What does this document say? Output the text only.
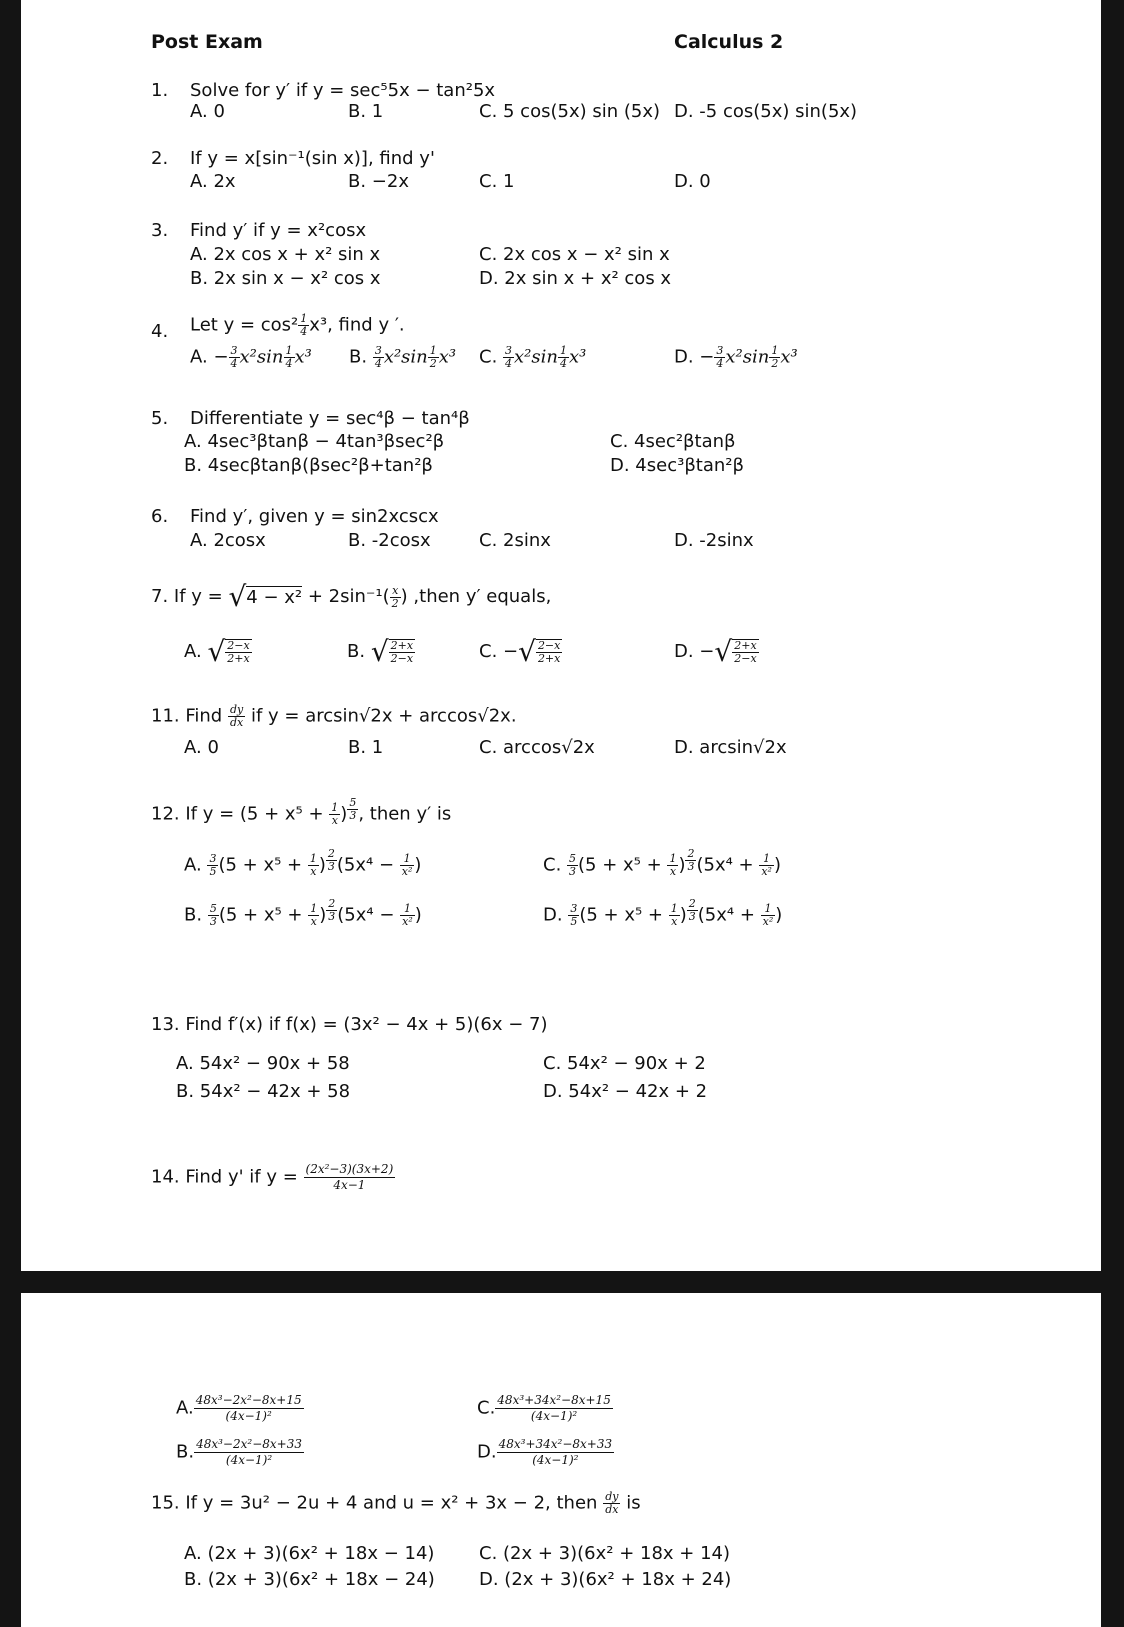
Post Exam	Calculus 2
1. Solve for y′ if y = sec⁵5x − tan²5x
A. 0	B. 1	C. 5 cos(5x) sin (5x) D. -5 cos(5x) sin(5x)
2. If y = x[sin⁻¹(sin x)], find y'
A. 2x	B. −2x	C. 1	D. 0
3. Find y′ if y = x²cosx
A. 2x cos x + x² sin x	C. 2x cos x − x² sin x
B. 2x sin x − x² cos x	D. 2x sin x + x² cos x
4. Let $y = \cos^2 \frac{1}{4} x^3$, find y ′.
A. − $\frac{3}{4} x^2\sin \frac{1}{4} x^3$ B. $\frac{3}{4} x^2\sin \frac{1}{2} x^3$ C. $\frac{3}{4} x^2\sin \frac{1}{4} x^3$	D. − $\frac{3}{4} x^2\sin \frac{1}{2} x^3$
5. Differentiate y = sec⁴β − tan⁴β
A. 4sec³βtanβ − 4tan³βsec²β
B. 4secβtanβ(βsec²β+tan²β
C. 4sec²βtanβ
D. 4sec³βtan²β
6. Find y′, given y = sin2xcscx
A. 2cosx	B. -2cosx	C. 2sinx	D. -2sinx
7. If $y = √4 - x^2 + 2\sin^{-1}( \frac{x}{2}$ ) ,then y′ equals,
A. √ $\frac{2-x}{2+x}$	B. √ $\frac{2+x}{2-x}$	C. −√ $\frac{2-x}{2+x}$	D. −√ $\frac{2+x}{2-x}$
11. Find $\frac{dy}{dx}$ if y = arcsin√2x + arccos√2x.
A. 0	B. 1	C. arccos√2x	D. arcsin√2x
12. If $y = (5 + x^5 + \frac{1}{x}$ ) $^{\frac{5}{3}}$ , then y′ is
A. $\frac{3}{5} (5 + x^5 + \frac{1}{x}$ ) $^{\frac{2}{3}}$ ($5x^4 - \frac{1}{\text{x²}}$ )
B. $\frac{5}{3} (5 + x^5 + \frac{1}{x}$ ) $^{\frac{2}{3}}$ ($5x^4 - \frac{1}{\text{x²}}$ )
C. $\frac{5}{3} (5 + x^5 + \frac{1}{x}$ ) $^{\frac{2}{3}}$ ($5x^4 + \frac{1}{\text{x²}}$ )
D. $\frac{3}{5} (5 + x^5 + \frac{1}{x}$ ) $^{\frac{2}{3}}$ ($5x^4 + \frac{1}{\text{x²}}$ )
13. Find f′(x) if f(x) = (3x² − 4x + 5)(6x − 7)
A. 54x² − 90x + 58
B. 54x² − 42x + 58
C. 54x² − 90x + 2
D. 54x² − 42x + 2
14. Find y' if $y = \frac{\text{(2x²−3)(3x+2)}}{4x-1}$
A. $\frac{\text{48x³−2x²−8x+15}}{\text{(4x−1)²}}$
B. $\frac{\text{48x³−2x²−8x+33}}{\text{(4x−1)²}}$
C. $\frac{\text{48x³+34x²−8x+15}}{\text{(4x−1)²}}$
D. $\frac{\text{48x³+34x²−8x+33}}{\text{(4x−1)²}}$
15. If y = 3u² − 2u + 4 and u = x² + 3x − 2, then $\frac{dy}{dx}$ is
A. (2x + 3)(6x² + 18x − 14)
B. (2x + 3)(6x² + 18x − 24)
C. (2x + 3)(6x² + 18x + 14)
D. (2x + 3)(6x² + 18x + 24)
